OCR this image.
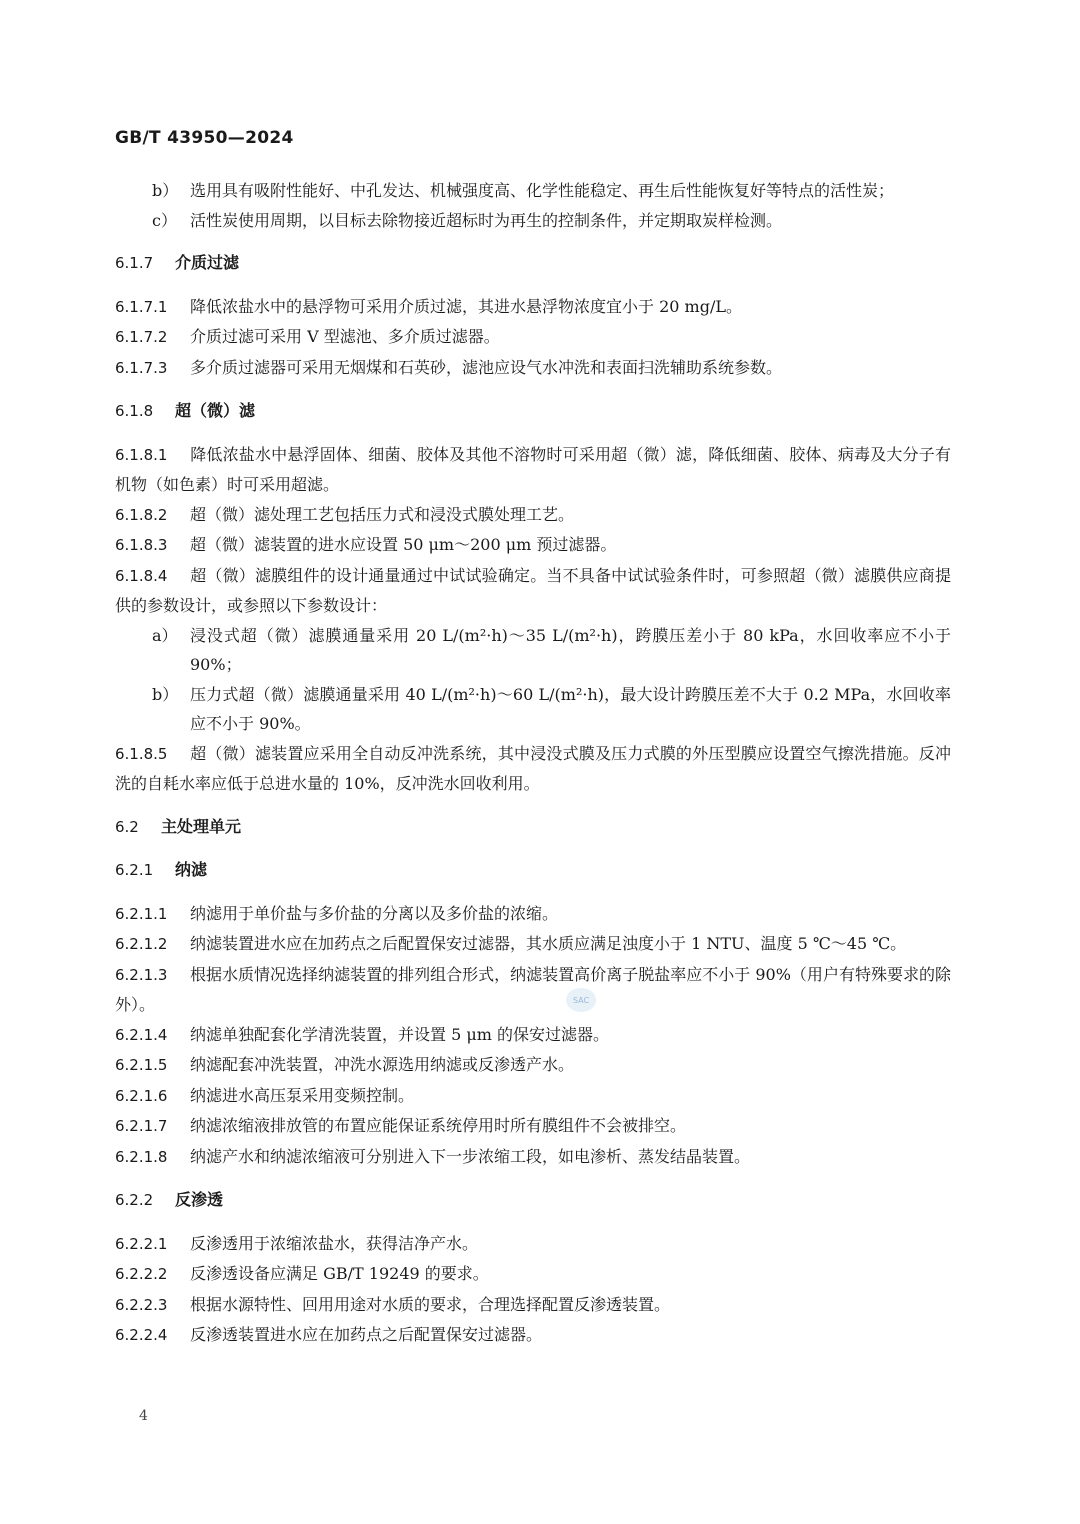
GB/T 43950—2024
b） 选用具有吸附性能好、中孔发达、机械强度高、化学性能稳定、再生后性能恢复好等特点的活性炭；
c） 活性炭使用周期，以目标去除物接近超标时为再生的控制条件，并定期取炭样检测。
6.1.7 介质过滤

6.1.7.1 降低浓盐水中的悬浮物可采用介质过滤，其进水悬浮物浓度宜小于 20 mg/L。

6.1.7.2 介质过滤可采用 V 型滤池、多介质过滤器。

6.1.7.3 多介质过滤器可采用无烟煤和石英砂，滤池应设气水冲洗和表面扫洗辅助系统参数。

6.1.8 超（微）滤

6.1.8.1 降低浓盐水中悬浮固体、细菌、胶体及其他不溶物时可采用超（微）滤，降低细菌、胶体、病毒及大分子有机物（如色素）时可采用超滤。

6.1.8.2 超（微）滤处理工艺包括压力式和浸没式膜处理工艺。

6.1.8.3 超（微）滤装置的进水应设置 50 μm～200 μm 预过滤器。

6.1.8.4 超（微）滤膜组件的设计通量通过中试试验确定。当不具备中试试验条件时，可参照超（微）滤膜供应商提供的参数设计，或参照以下参数设计：

a） 浸没式超（微）滤膜通量采用 20 L/(m²·h)～35 L/(m²·h)，跨膜压差小于 80 kPa，水回收率应不小于 90%；
b） 压力式超（微）滤膜通量采用 40 L/(m²·h)～60 L/(m²·h)，最大设计跨膜压差不大于 0.2 MPa，水回收率应不小于 90%。

6.1.8.5 超（微）滤装置应采用全自动反冲洗系统，其中浸没式膜及压力式膜的外压型膜应设置空气擦洗措施。反冲洗的自耗水率应低于总进水量的 10%，反冲洗水回收利用。

6.2 主处理单元
6.2.1 纳滤

6.2.1.1 纳滤用于单价盐与多价盐的分离以及多价盐的浓缩。

6.2.1.2 纳滤装置进水应在加药点之后配置保安过滤器，其水质应满足浊度小于 1 NTU、温度 5 ℃～45 ℃。

6.2.1.3 根据水质情况选择纳滤装置的排列组合形式，纳滤装置高价离子脱盐率应不小于 90%（用户有特殊要求的除外）。

6.2.1.4 纳滤单独配套化学清洗装置，并设置 5 μm 的保安过滤器。

6.2.1.5 纳滤配套冲洗装置，冲洗水源选用纳滤或反渗透产水。

6.2.1.6 纳滤进水高压泵采用变频控制。

6.2.1.7 纳滤浓缩液排放管的布置应能保证系统停用时所有膜组件不会被排空。

6.2.1.8 纳滤产水和纳滤浓缩液可分别进入下一步浓缩工段，如电渗析、蒸发结晶装置。

6.2.2 反渗透

6.2.2.1 反渗透用于浓缩浓盐水，获得洁净产水。

6.2.2.2 反渗透设备应满足 GB/T 19249 的要求。

6.2.2.3 根据水源特性、回用用途对水质的要求，合理选择配置反渗透装置。

6.2.2.4 反渗透装置进水应在加药点之后配置保安过滤器。

SAC
4
